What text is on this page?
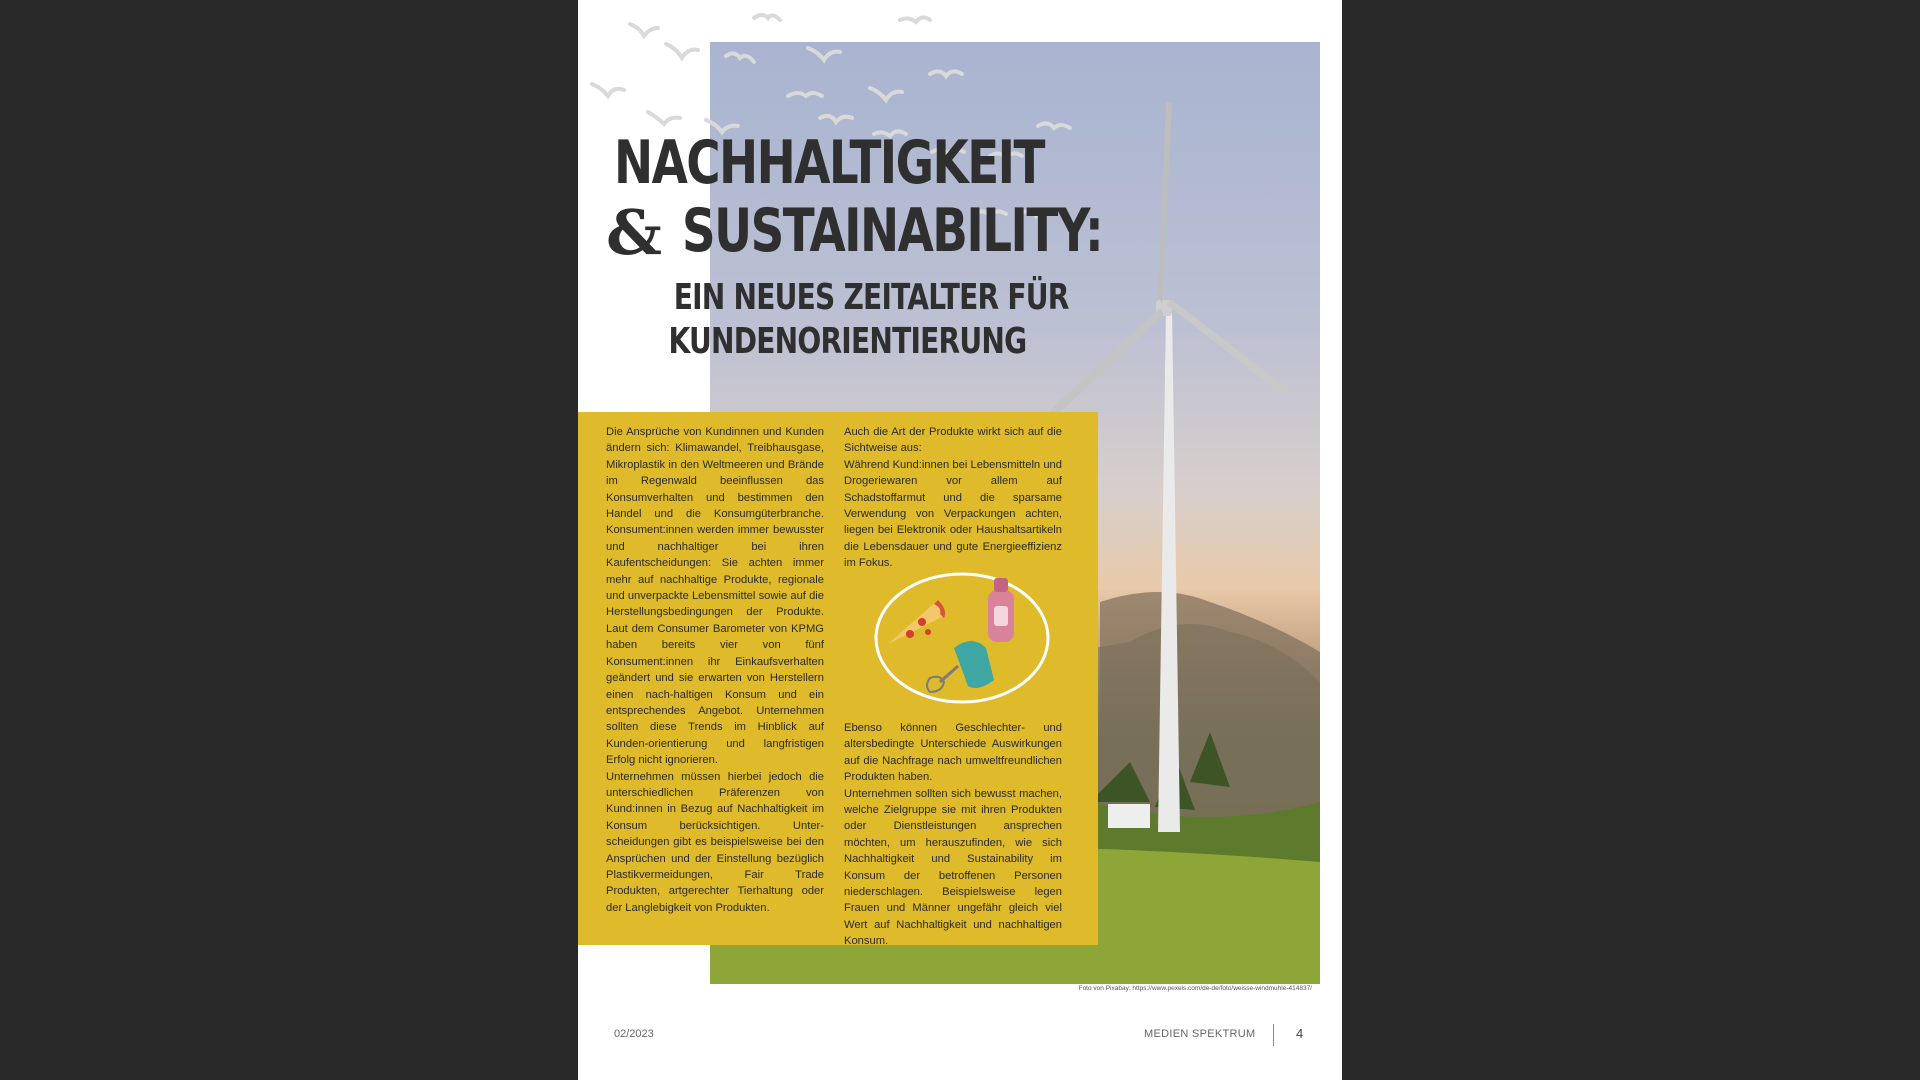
NACHHALTIGKEIT
& SUSTAINABILITY:
EIN NEUES ZEITALTER FÜR
KUNDENORIENTIERUNG

Die Ansprüche von Kundinnen und Kunden ändern sich: Klimawandel, Treibhausgase, Mikroplastik in den Weltmeeren und Brände im Regenwald beeinflussen das Konsumverhalten und bestimmen den Handel und die Konsumgüterbranche. Konsument:innen werden immer bewusster und nachhaltiger bei ihren Kaufentscheidungen: Sie achten immer mehr auf nachhaltige Produkte, regionale und unverpackte Lebensmittel sowie auf die Herstellungsbedingungen der Produkte. Laut dem Consumer Barometer von KPMG haben bereits vier von fünf Konsument:innen ihr Einkaufsverhalten geändert und sie erwarten von Herstellern einen nach-haltigen Konsum und ein entsprechendes Angebot. Unternehmen sollten diese Trends im Hinblick auf Kunden-orientierung und langfristigen Erfolg nicht ignorieren.

Unternehmen müssen hierbei jedoch die unterschiedlichen Präferenzen von Kund:innen in Bezug auf Nachhaltigkeit im Konsum berücksichtigen. Unter-scheidungen gibt es beispielsweise bei den Ansprüchen und der Einstellung bezüglich Plastikvermeidungen, Fair Trade Produkten, artgerechter Tierhaltung oder der Langlebigkeit von Produkten.

Auch die Art der Produkte wirkt sich auf die Sichtweise aus:

Während Kund:innen bei Lebensmitteln und Drogeriewaren vor allem auf Schadstoffarmut und die sparsame Verwendung von Verpackungen achten, liegen bei Elektronik oder Haushaltsartikeln die Lebensdauer und gute Energieeffizienz im Fokus.

Ebenso können Geschlechter- und altersbedingte Unterschiede Auswirkungen auf die Nachfrage nach umweltfreundlichen Produkten haben.

Unternehmen sollten sich bewusst machen, welche Zielgruppe sie mit ihren Produkten oder Dienstleistungen ansprechen möchten, um herauszufinden, wie sich Nachhaltigkeit und Sustainability im Konsum der betroffenen Personen niederschlagen. Beispielsweise legen Frauen und Männer ungefähr gleich viel Wert auf Nachhaltigkeit und nachhaltigen Konsum.

Foto von Pixabay: https://www.pexels.com/de-de/foto/weisse-windmuhle-414837/
02/2023	MEDIEN SPEKTRUM	4
